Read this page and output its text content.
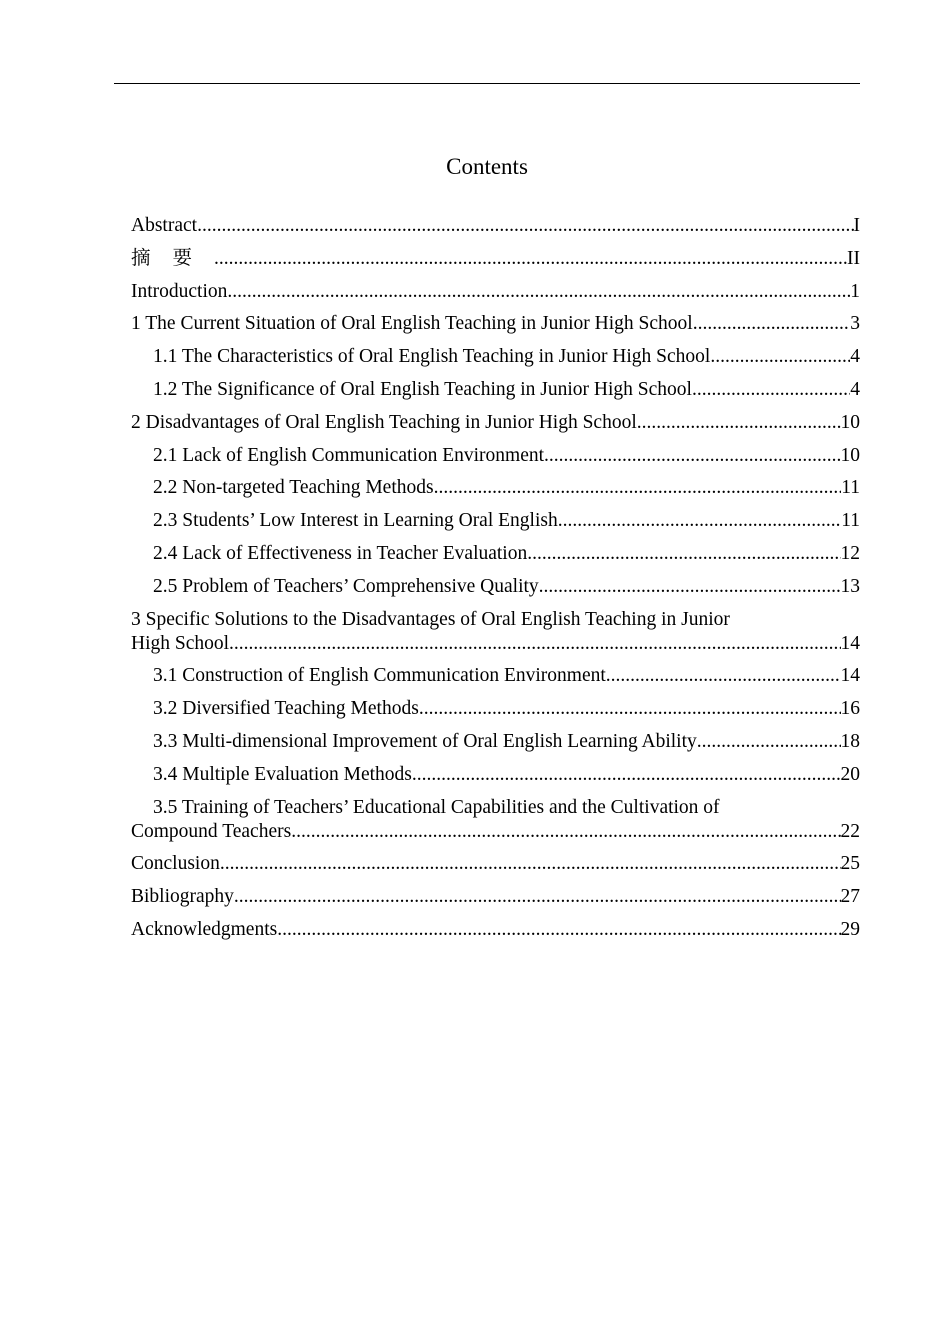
Contents
Abstract .....	I
摘要 .....	II
Introduction .....	1
1 The Current Situation of Oral English Teaching in Junior High School .....	3
1.1 The Characteristics of Oral English Teaching in Junior High School .....	4
1.2 The Significance of Oral English Teaching in Junior High School .....	4
2 Disadvantages of Oral English Teaching in Junior High School .....	10
2.1 Lack of English Communication Environment .....	10
2.2 Non-targeted Teaching Methods .....	11
2.3 Students’ Low Interest in Learning Oral English .....	11
2.4 Lack of Effectiveness in Teacher Evaluation .....	12
2.5 Problem of Teachers’ Comprehensive Quality .....	13
3 Specific Solutions to the Disadvantages of Oral English Teaching in Junior
High School .....	14
3.1 Construction of English Communication Environment .....	14
3.2 Diversified Teaching Methods .....	16
3.3 Multi-dimensional Improvement of Oral English Learning Ability .....	18
3.4 Multiple Evaluation Methods .....	20
3.5 Training of Teachers’ Educational Capabilities and the Cultivation of
Compound Teachers .....	22
Conclusion .....	25
Bibliography .....	27
Acknowledgments .....	29
